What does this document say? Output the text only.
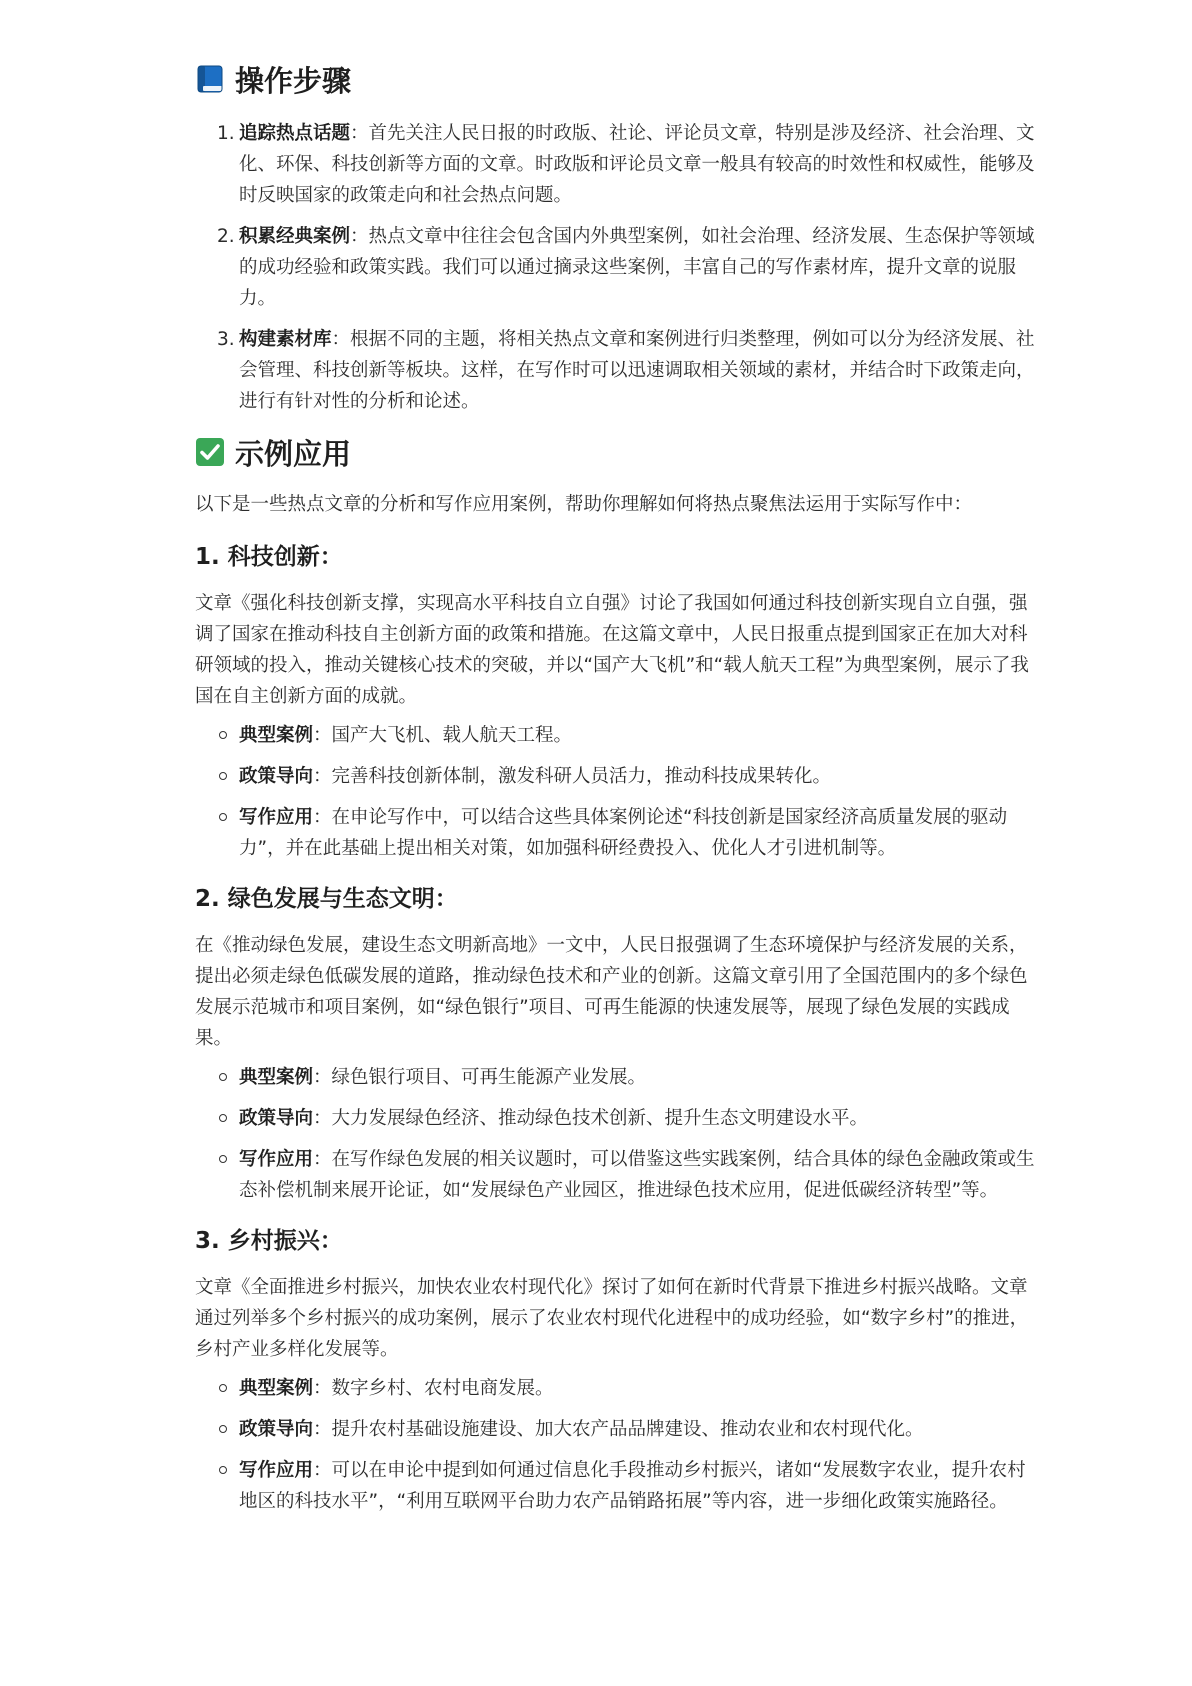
操作步骤
1. 追踪热点话题：首先关注人民日报的时政版、社论、评论员文章，特别是涉及经济、社会治理、文化、环保、科技创新等方面的文章。时政版和评论员文章一般具有较高的时效性和权威性，能够及时反映国家的政策走向和社会热点问题。
2. 积累经典案例：热点文章中往往会包含国内外典型案例，如社会治理、经济发展、生态保护等领域的成功经验和政策实践。我们可以通过摘录这些案例，丰富自己的写作素材库，提升文章的说服力。
3. 构建素材库：根据不同的主题，将相关热点文章和案例进行归类整理，例如可以分为经济发展、社会管理、科技创新等板块。这样，在写作时可以迅速调取相关领域的素材，并结合时下政策走向，进行有针对性的分析和论述。
示例应用

以下是一些热点文章的分析和写作应用案例，帮助你理解如何将热点聚焦法运用于实际写作中：

1. 科技创新：

文章《强化科技创新支撑，实现高水平科技自立自强》讨论了我国如何通过科技创新实现自立自强，强调了国家在推动科技自主创新方面的政策和措施。在这篇文章中，人民日报重点提到国家正在加大对科研领域的投入，推动关键核心技术的突破，并以“国产大飞机”和“载人航天工程”为典型案例，展示了我国在自主创新方面的成就。

典型案例：国产大飞机、载人航天工程。
政策导向：完善科技创新体制，激发科研人员活力，推动科技成果转化。
写作应用：在申论写作中，可以结合这些具体案例论述“科技创新是国家经济高质量发展的驱动力”，并在此基础上提出相关对策，如加强科研经费投入、优化人才引进机制等。
2. 绿色发展与生态文明：

在《推动绿色发展，建设生态文明新高地》一文中，人民日报强调了生态环境保护与经济发展的关系，提出必须走绿色低碳发展的道路，推动绿色技术和产业的创新。这篇文章引用了全国范围内的多个绿色发展示范城市和项目案例，如“绿色银行”项目、可再生能源的快速发展等，展现了绿色发展的实践成果。

典型案例：绿色银行项目、可再生能源产业发展。
政策导向：大力发展绿色经济、推动绿色技术创新、提升生态文明建设水平。
写作应用：在写作绿色发展的相关议题时，可以借鉴这些实践案例，结合具体的绿色金融政策或生态补偿机制来展开论证，如“发展绿色产业园区，推进绿色技术应用，促进低碳经济转型”等。
3. 乡村振兴：

文章《全面推进乡村振兴，加快农业农村现代化》探讨了如何在新时代背景下推进乡村振兴战略。文章通过列举多个乡村振兴的成功案例，展示了农业农村现代化进程中的成功经验，如“数字乡村”的推进，乡村产业多样化发展等。

典型案例：数字乡村、农村电商发展。
政策导向：提升农村基础设施建设、加大农产品品牌建设、推动农业和农村现代化。
写作应用：可以在申论中提到如何通过信息化手段推动乡村振兴，诸如“发展数字农业，提升农村地区的科技水平”，“利用互联网平台助力农产品销路拓展”等内容，进一步细化政策实施路径。
